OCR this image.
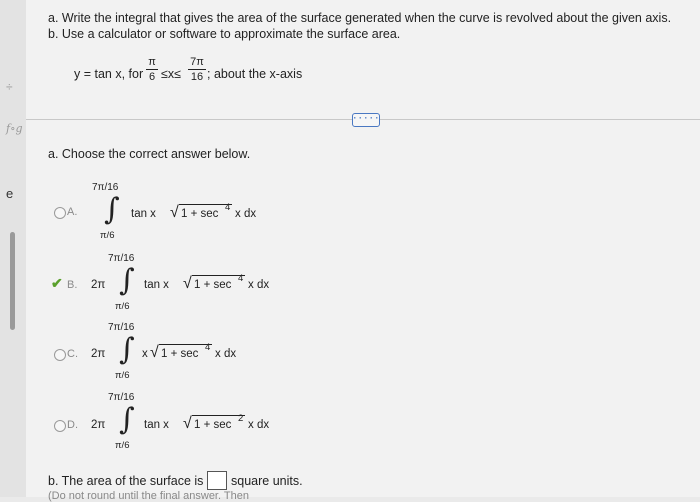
÷
f∘g
e
a. Write the integral that gives the area of the surface generated when the curve is revolved about the given axis.
b. Use a calculator or software to approximate the surface area.
y = tan x, for $\frac{\pi}{6} \le x\le \frac{7\pi}{16}$ ; about the x-axis
· · · · ·
a. Choose the correct answer below.
A.
7π/16
∫
π/6
tan x √ 1 + sec
4
x dx
✔ B. 2π
7π/16
∫
π/6
tan x √ 1 + sec
4
x dx
C. 2π
7π/16
∫
π/6
x √ 1 + sec
4
x dx
D. 2π
7π/16
∫
π/6
tan x √ 1 + sec
2
x dx
b. The area of the surface is square units.
(Do not round until the final answer. Then
